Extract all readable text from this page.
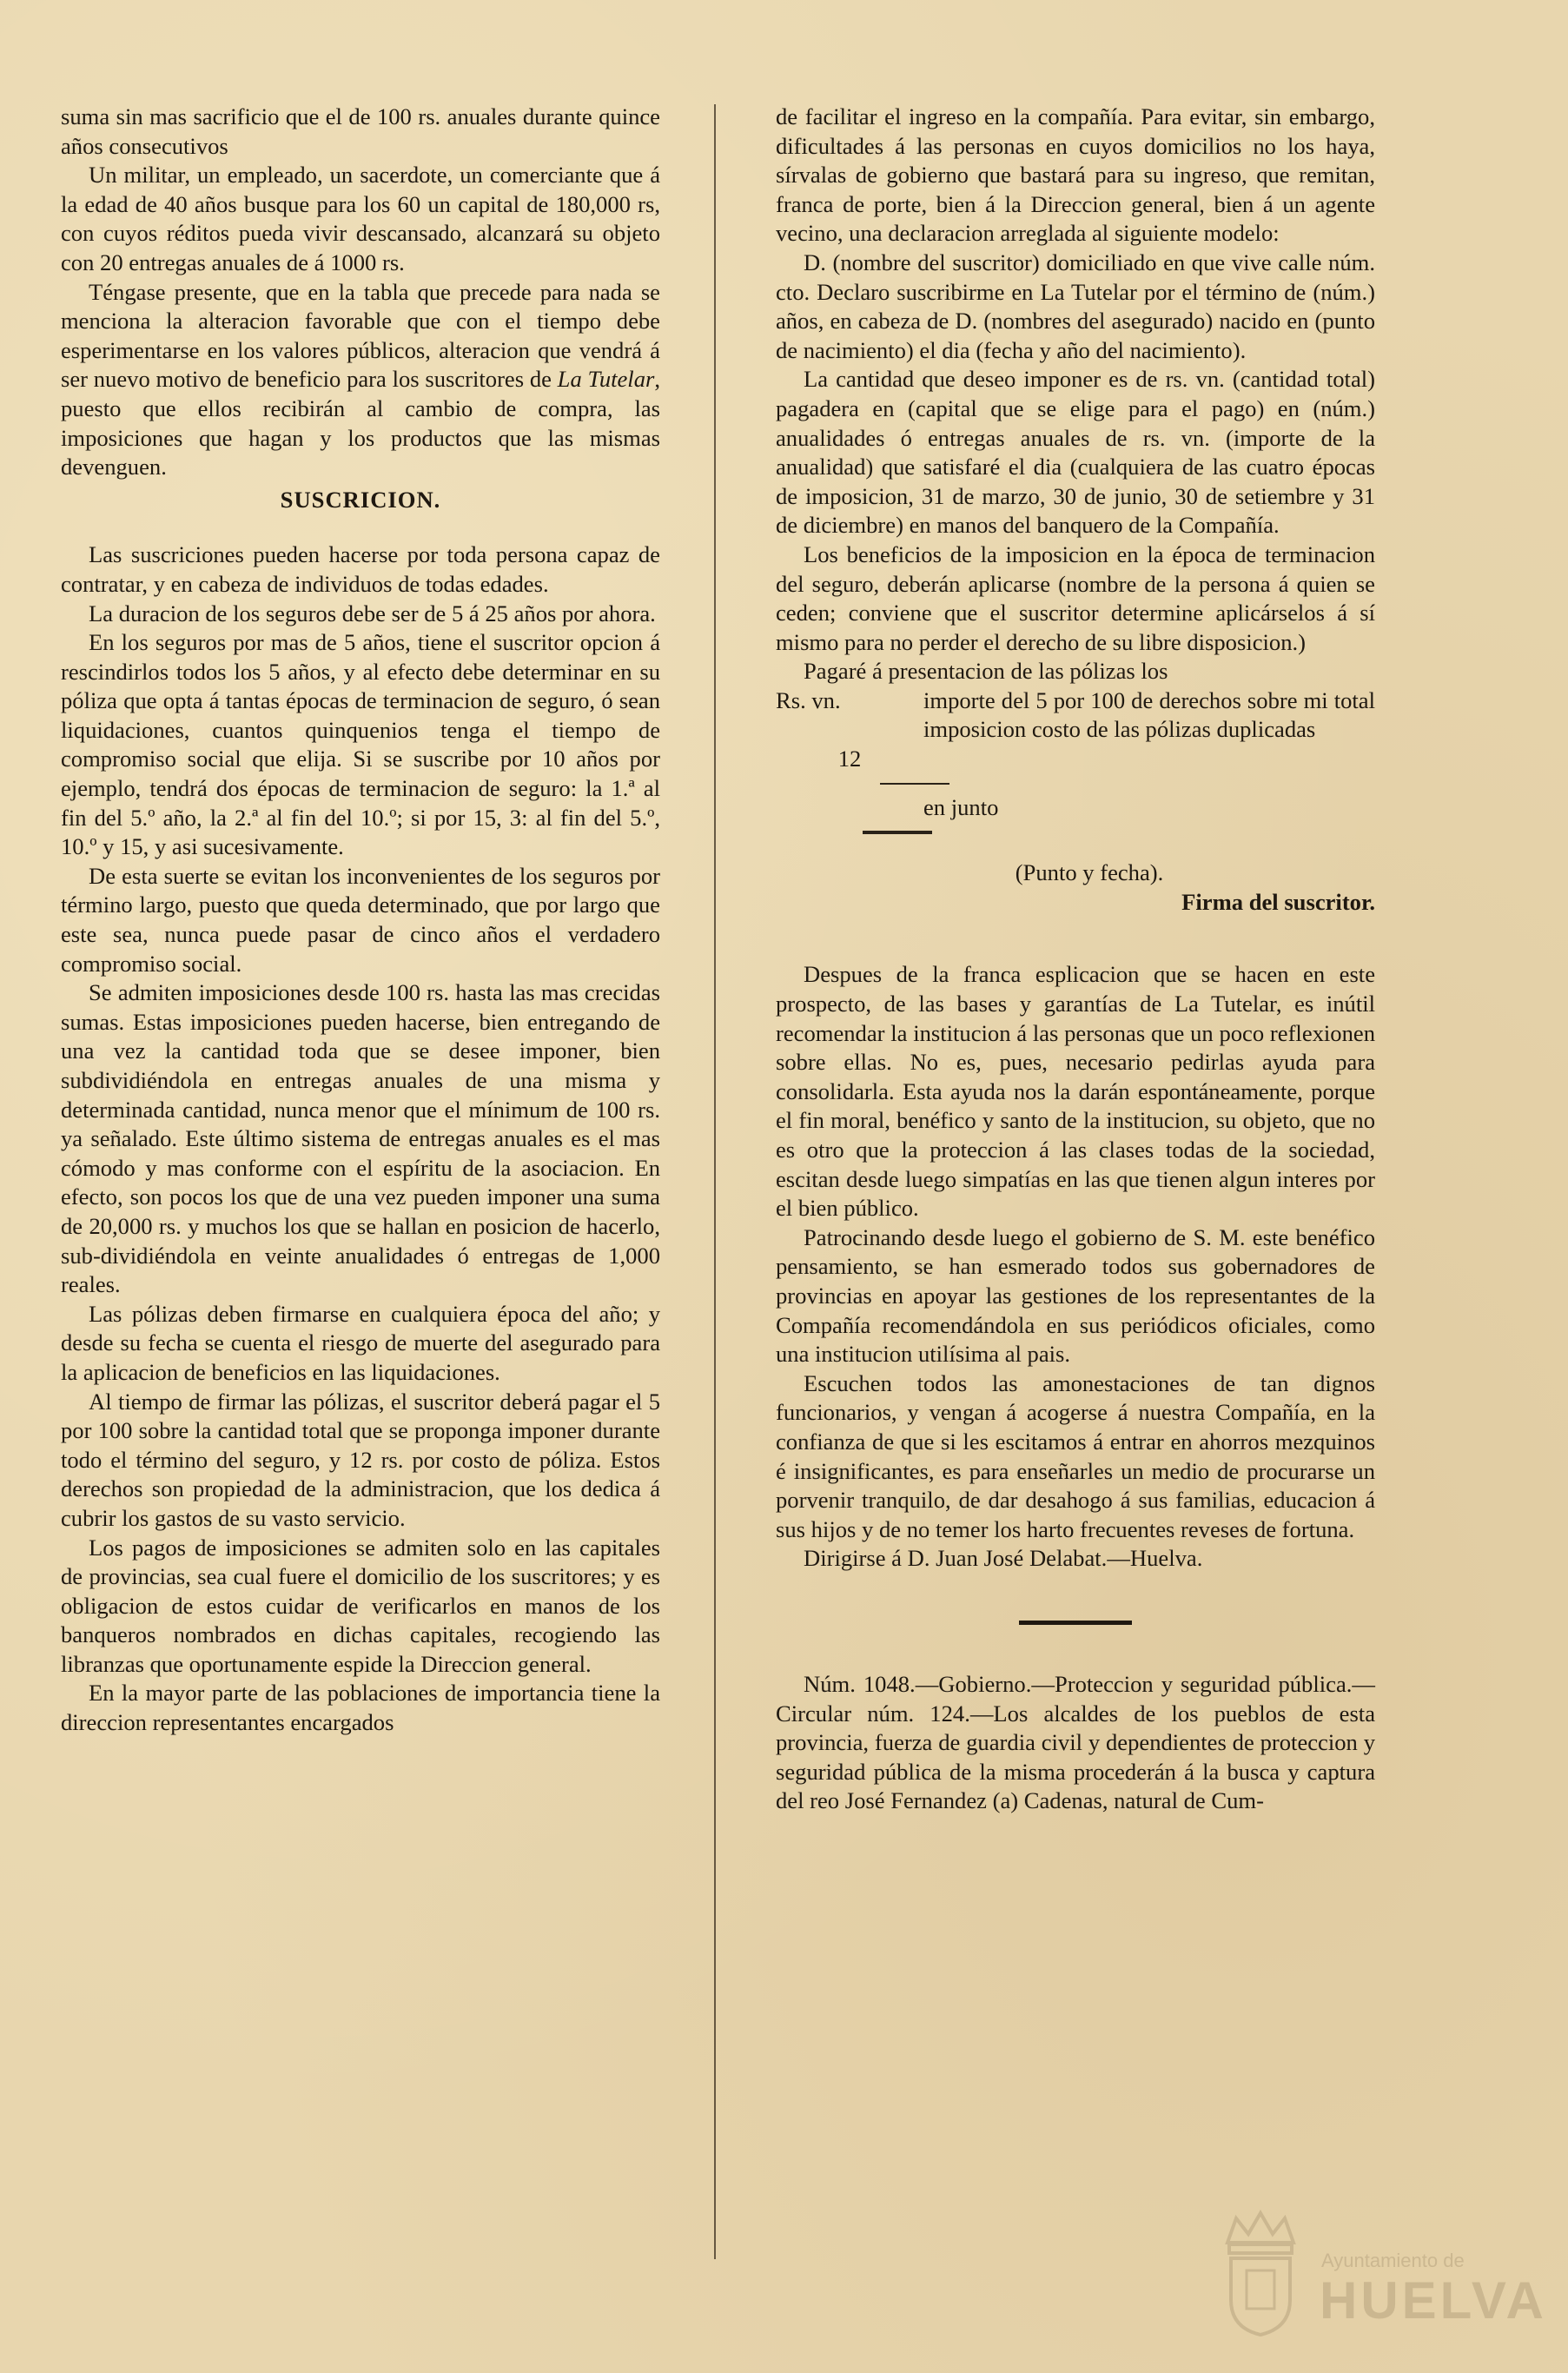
suma sin mas sacrificio que el de 100 rs. anuales durante quince años consecutivos

Un militar, un empleado, un sacerdote, un comerciante que á la edad de 40 años busque para los 60 un capital de 180,000 rs, con cuyos réditos pueda vivir descansado, alcanzará su objeto con 20 entregas anuales de á 1000 rs.

Téngase presente, que en la tabla que precede para nada se menciona la alteracion favorable que con el tiempo debe esperimentarse en los valores públicos, alteracion que vendrá á ser nuevo motivo de beneficio para los suscritores de La Tutelar, puesto que ellos recibirán al cambio de compra, las imposiciones que hagan y los productos que las mismas devenguen.

SUSCRICION.

Las suscriciones pueden hacerse por toda persona capaz de contratar, y en cabeza de individuos de todas edades.

La duracion de los seguros debe ser de 5 á 25 años por ahora.

En los seguros por mas de 5 años, tiene el suscritor opcion á rescindirlos todos los 5 años, y al efecto debe determinar en su póliza que opta á tantas épocas de terminacion de seguro, ó sean liquidaciones, cuantos quinquenios tenga el tiempo de compromiso social que elija. Si se suscribe por 10 años por ejemplo, tendrá dos épocas de terminacion de seguro: la 1.ª al fin del 5.º año, la 2.ª al fin del 10.º; si por 15, 3: al fin del 5.º, 10.º y 15, y asi sucesivamente.

De esta suerte se evitan los inconvenientes de los seguros por término largo, puesto que queda determinado, que por largo que este sea, nunca puede pasar de cinco años el verdadero compromiso social.

Se admiten imposiciones desde 100 rs. hasta las mas crecidas sumas. Estas imposiciones pueden hacerse, bien entregando de una vez la cantidad toda que se desee imponer, bien subdividiéndola en entregas anuales de una misma y determinada cantidad, nunca menor que el mínimum de 100 rs. ya señalado. Este último sistema de entregas anuales es el mas cómodo y mas conforme con el espíritu de la asociacion. En efecto, son pocos los que de una vez pueden imponer una suma de 20,000 rs. y muchos los que se hallan en posicion de hacerlo, sub-dividiéndola en veinte anualidades ó entregas de 1,000 reales.

Las pólizas deben firmarse en cualquiera época del año; y desde su fecha se cuenta el riesgo de muerte del asegurado para la aplicacion de beneficios en las liquidaciones.

Al tiempo de firmar las pólizas, el suscritor deberá pagar el 5 por 100 sobre la cantidad total que se proponga imponer durante todo el término del seguro, y 12 rs. por costo de póliza. Estos derechos son propiedad de la administracion, que los dedica á cubrir los gastos de su vasto servicio.

Los pagos de imposiciones se admiten solo en las capitales de provincias, sea cual fuere el domicilio de los suscritores; y es obligacion de estos cuidar de verificarlos en manos de los banqueros nombrados en dichas capitales, recogiendo las libranzas que oportunamente espide la Direccion general.

En la mayor parte de las poblaciones de importancia tiene la direccion representantes encargados

de facilitar el ingreso en la compañía. Para evitar, sin embargo, dificultades á las personas en cuyos domicilios no los haya, sírvalas de gobierno que bastará para su ingreso, que remitan, franca de porte, bien á la Direccion general, bien á un agente vecino, una declaracion arreglada al siguiente modelo:

D. (nombre del suscritor) domiciliado en que vive calle núm. cto. Declaro suscribirme en La Tutelar por el término de (núm.) años, en cabeza de D. (nombres del asegurado) nacido en (punto de nacimiento) el dia (fecha y año del nacimiento).

La cantidad que deseo imponer es de rs. vn. (cantidad total) pagadera en (capital que se elige para el pago) en (núm.) anualidades ó entregas anuales de rs. vn. (importe de la anualidad) que satisfaré el dia (cualquiera de las cuatro épocas de imposicion, 31 de marzo, 30 de junio, 30 de setiembre y 31 de diciembre) en manos del banquero de la Compañía.

Los beneficios de la imposicion en la época de terminacion del seguro, deberán aplicarse (nombre de la persona á quien se ceden; conviene que el suscritor determine aplicárselos á sí mismo para no perder el derecho de su libre disposicion.)

Pagaré á presentacion de las pólizas los

Rs. vn.	importe del 5 por 100 de derechos sobre mi total imposicion costo de las pólizas duplicadas
12
en junto

(Punto y fecha).

Firma del suscritor.

Despues de la franca esplicacion que se hacen en este prospecto, de las bases y garantías de La Tutelar, es inútil recomendar la institucion á las personas que un poco reflexionen sobre ellas. No es, pues, necesario pedirlas ayuda para consolidarla. Esta ayuda nos la darán espontáneamente, porque el fin moral, benéfico y santo de la institucion, su objeto, que no es otro que la proteccion á las clases todas de la sociedad, escitan desde luego simpatías en las que tienen algun interes por el bien público.

Patrocinando desde luego el gobierno de S. M. este benéfico pensamiento, se han esmerado todos sus gobernadores de provincias en apoyar las gestiones de los representantes de la Compañía recomendándola en sus periódicos oficiales, como una institucion utilísima al pais.

Escuchen todos las amonestaciones de tan dignos funcionarios, y vengan á acogerse á nuestra Compañía, en la confianza de que si les escitamos á entrar en ahorros mezquinos é insignificantes, es para enseñarles un medio de procurarse un porvenir tranquilo, de dar desahogo á sus familias, educacion á sus hijos y de no temer los harto frecuentes reveses de fortuna.

Dirigirse á D. Juan José Delabat.—Huelva.

Núm. 1048.—Gobierno.—Proteccion y seguridad pública.—Circular núm. 124.—Los alcaldes de los pueblos de esta provincia, fuerza de guardia civil y dependientes de proteccion y seguridad pública de la misma procederán á la busca y captura del reo José Fernandez (a) Cadenas, natural de Cum-

Ayuntamiento de
HUELVA
